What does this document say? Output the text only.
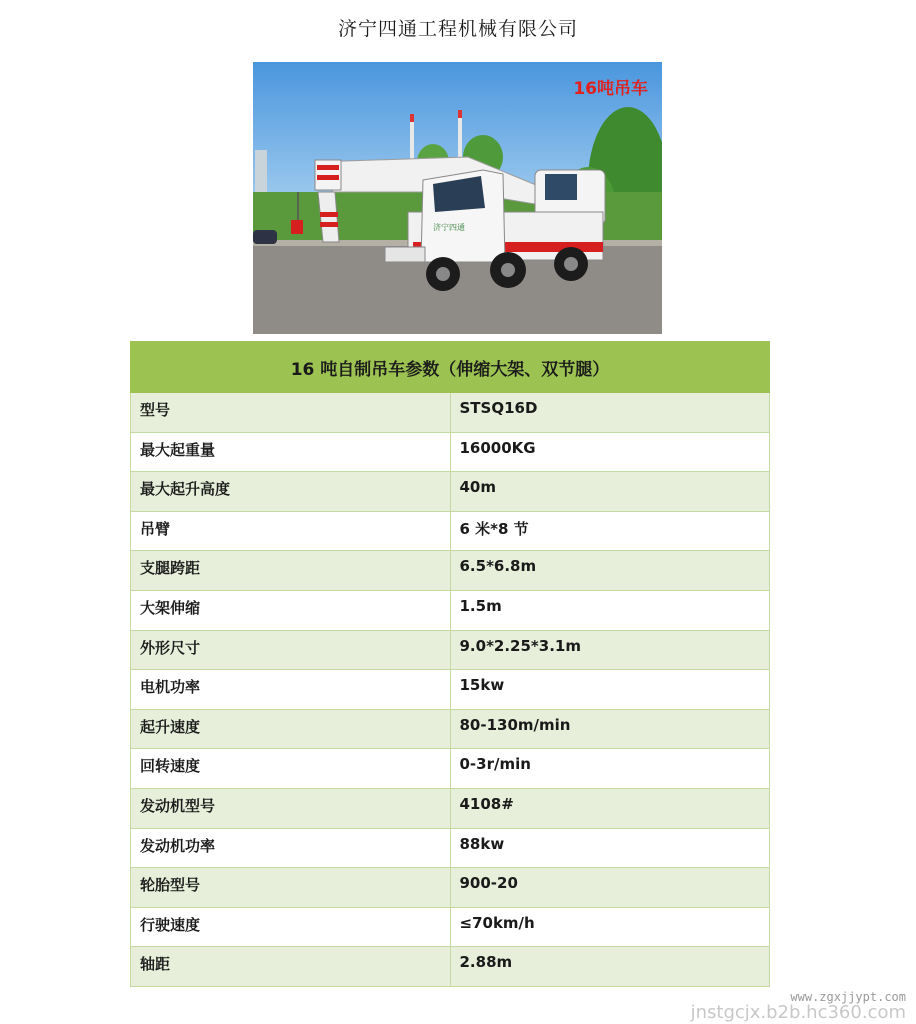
济宁四通工程机械有限公司
济宁四通
16吨吊车
16 吨自制吊车参数（伸缩大架、双节腿）	
型号	STSQ16D
最大起重量	16000KG
最大起升高度	40m
吊臂	6 米*8 节
支腿跨距	6.5*6.8m
大架伸缩	1.5m
外形尺寸	9.0*2.25*3.1m
电机功率	15kw
起升速度	80-130m/min
回转速度	0-3r/min
发动机型号	4108#
发动机功率	88kw
轮胎型号	900-20
行驶速度	≤70km/h
轴距	2.88m
www.zgxjjypt.com
jnstgcjx.b2b.hc360.com
